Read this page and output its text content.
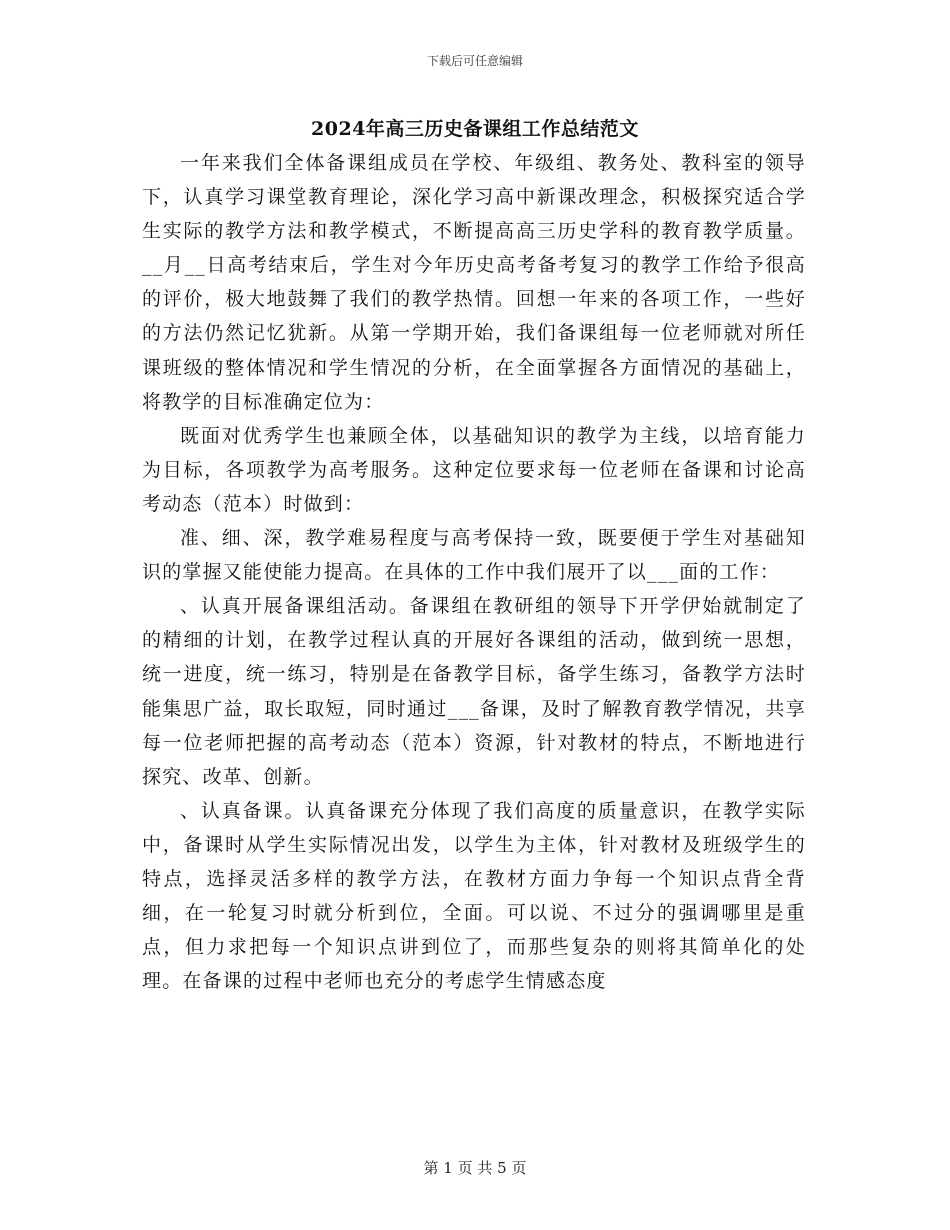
下载后可任意编辑
2024年高三历史备课组工作总结范文

一年来我们全体备课组成员在学校、年级组、教务处、教科室的领导下，认真学习课堂教育理论，深化学习高中新课改理念，积极探究适合学生实际的教学方法和教学模式，不断提高高三历史学科的教育教学质量。__月__日高考结束后，学生对今年历史高考备考复习的教学工作给予很高的评价，极大地鼓舞了我们的教学热情。回想一年来的各项工作，一些好的方法仍然记忆犹新。从第一学期开始，我们备课组每一位老师就对所任课班级的整体情况和学生情况的分析，在全面掌握各方面情况的基础上，将教学的目标准确定位为：

既面对优秀学生也兼顾全体，以基础知识的教学为主线，以培育能力为目标，各项教学为高考服务。这种定位要求每一位老师在备课和讨论高考动态（范本）时做到：

准、细、深，教学难易程度与高考保持一致，既要便于学生对基础知识的掌握又能使能力提高。在具体的工作中我们展开了以___面的工作：

、认真开展备课组活动。备课组在教研组的领导下开学伊始就制定了的精细的计划，在教学过程认真的开展好各课组的活动，做到统一思想，统一进度，统一练习，特别是在备教学目标，备学生练习，备教学方法时能集思广益，取长取短，同时通过___备课，及时了解教育教学情况，共享每一位老师把握的高考动态（范本）资源，针对教材的特点，不断地进行探究、改革、创新。

、认真备课。认真备课充分体现了我们高度的质量意识，在教学实际中，备课时从学生实际情况出发，以学生为主体，针对教材及班级学生的特点，选择灵活多样的教学方法，在教材方面力争每一个知识点背全背细，在一轮复习时就分析到位，全面。可以说、不过分的强调哪里是重点，但力求把每一个知识点讲到位了，而那些复杂的则将其简单化的处理。在备课的过程中老师也充分的考虑学生情感态度

第 1 页 共 5 页
